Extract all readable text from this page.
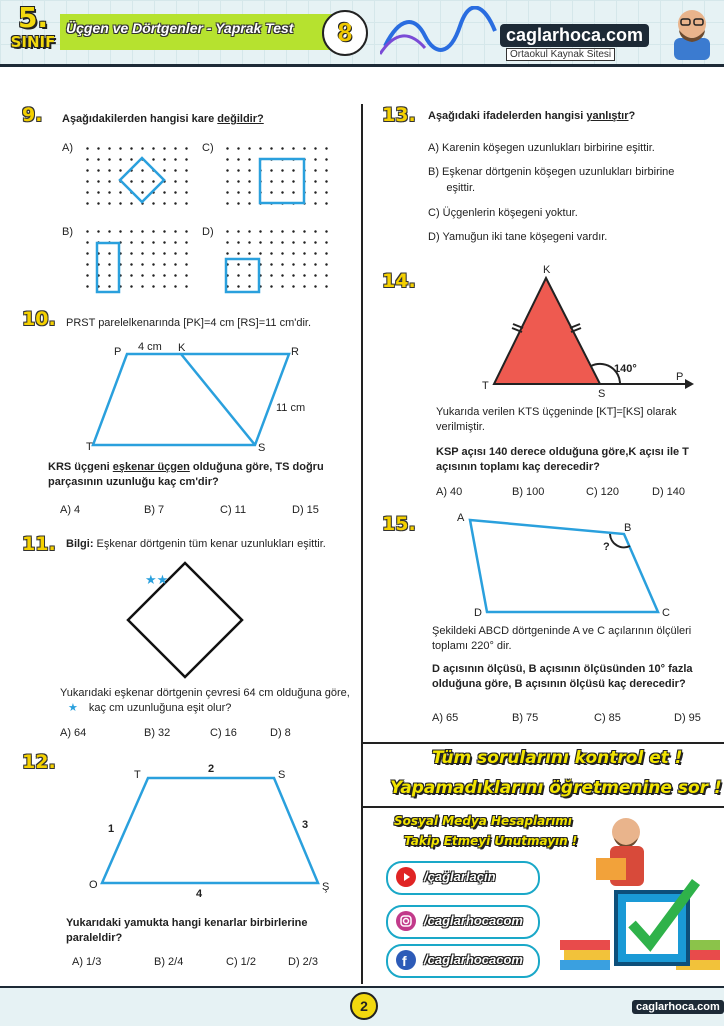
5.
SINIF
Üçgen ve Dörtgenler - Yaprak Test	8	caglarhoca.com
Ortaokul Kaynak Sitesi
9. Aşağıdakilerden hangisi kare değildir?
A)
B)
C)
D)
10. PRST parelelkenarında [PK]=4 cm [RS]=11 cm'dir.
P 4 cm K	R
11 cm
T	S
KRS üçgeni eşkenar üçgen olduğuna göre, TS doğru parçasının uzunluğu kaç cm'dir?
A) 4	B) 7	C) 11	D) 15
11. Bilgi: Eşkenar dörtgenin tüm kenar uzunlukları eşittir.
★★
Yukarıdaki eşkenar dörtgenin çevresi 64 cm olduğuna göre, ★ kaç cm uzunluğuna eşit olur?
A) 64	B) 32	C) 16	D) 8
12.
T	2	S
1	3
O
4
Ş
Yukarıdaki yamukta hangi kenarlar birbirlerine paraleldir?
A) 1/3	B) 2/4	C) 1/2	D) 2/3
13. Aşağıdaki ifadelerden hangisi yanlıştır?
A) Karenin köşegen uzunlukları birbirine eşittir.
B) Eşkenar dörtgenin köşegen uzunlukları birbirine
eşittir.
C) Üçgenlerin köşegeni yoktur.
D) Yamuğun iki tane köşegeni vardır.
14.	K
T
S
P
140°
Yukarıda verilen KTS üçgeninde [KT]=[KS] olarak verilmiştir.
KSP açısı 140 derece olduğuna göre,K açısı ile T açısının toplamı kaç derecedir?
A) 40	B) 100	C) 120	D) 140
15.	A
B
?
D	C
Şekildeki ABCD dörtgeninde A ve C açılarının ölçüleri toplamı 220° dir.
D açısının ölçüsü, B açısının ölçüsünden 10° fazla olduğuna göre, B açısının ölçüsü kaç derecedir?
A) 65	B) 75	C) 85	D) 95
Tüm sorularını kontrol et !
Yapamadıklarını öğretmenine sor !
Sosyal Medya Hesaplarımı
Takip Etmeyi Unutmayın !
/çağlarlaçin
/caglarhocacom
f /caglarhocacom
2	caglarhoca.com
